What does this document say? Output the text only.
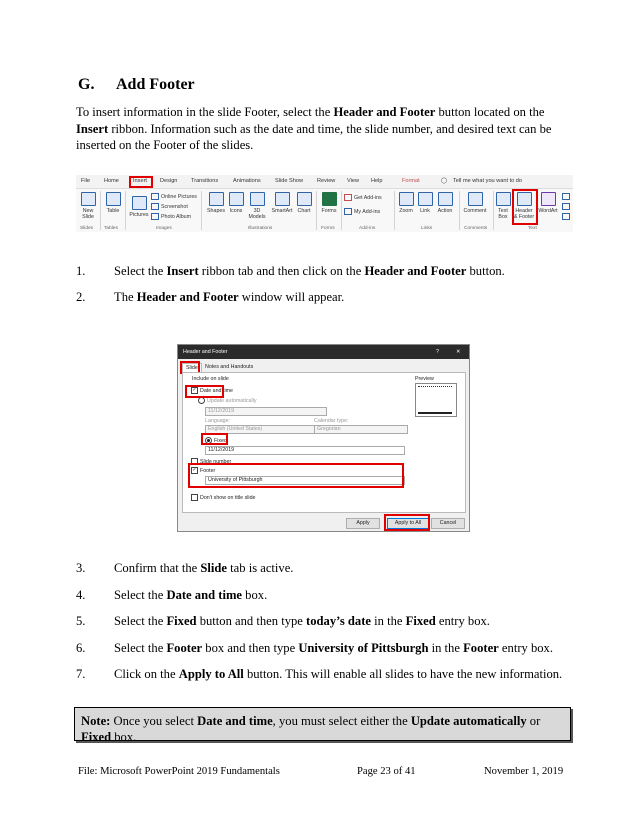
G. Add Footer
To insert information in the slide Footer, select the Header and Footer button located on the Insert ribbon. Information such as the date and time, the slide number, and desired text can be inserted on the Footer of the slides.
File Home	Insert Design Transitions	Animations	Slide Show	Review View Help	Format	◯ Tell me what you want to do
New Slide
Table
Pictures
Online Pictures
Screenshot
Photo Album
Shapes Icons	3D Models
SmartArt Chart	Forms
Get Add-ins
My Add-ins	Zoom	Link	Action	Comment	Text Box
Header & Footer
WordArt
Slides Tables	Images	Illustrations	Forms	Add-ins	Links	Comments	Text
1. Select the Insert ribbon tab and then click on the Header and Footer button.
2. The Header and Footer window will appear.
Header and Footer	?	✕
Slide	Notes and Handouts
Include on slide
✓ Date and time
Update automatically
11/12/2019
Language:
English (United States)
Calendar type:
Gregorian
Fixed
11/12/2019
Slide number
✓ Footer
University of Pittsburgh
Don't show on title slide
Preview
Apply	Apply to All	Cancel
3. Confirm that the Slide tab is active.
4. Select the Date and time box.
5. Select the Fixed button and then type today’s date in the Fixed entry box.
6. Select the Footer box and then type University of Pittsburgh in the Footer entry box.
7. Click on the Apply to All button. This will enable all slides to have the new information.
Note: Once you select Date and time, you must select either the Update automatically or Fixed box.
File: Microsoft PowerPoint 2019 Fundamentals	Page 23 of 41	November 1, 2019
